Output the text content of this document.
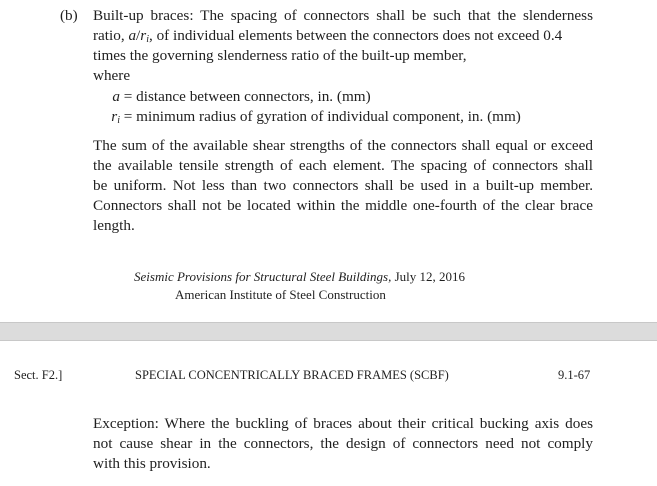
(b) Built-up braces: The spacing of connectors shall be such that the slenderness
ratio, $a/r_i$, of individual elements between the connectors does not exceed 0.4
times the governing slenderness ratio of the built-up member,
where
a = distance between connectors, in. (mm)
$r_i$ = minimum radius of gyration of individual component, in. (mm)
The sum of the available shear strengths of the connectors shall equal or exceed
the available tensile strength of each element. The spacing of connectors shall
be uniform. Not less than two connectors shall be used in a built-up member.
Connectors shall not be located within the middle one-fourth of the clear brace
length.
Seismic Provisions for Structural Steel Buildings, July 12, 2016
American Institute of Steel Construction
Sect. F2.]	SPECIAL CONCENTRICALLY BRACED FRAMES (SCBF)	9.1-67
Exception: Where the buckling of braces about their critical bucking axis does
not cause shear in the connectors, the design of connectors need not comply
with this provision.
